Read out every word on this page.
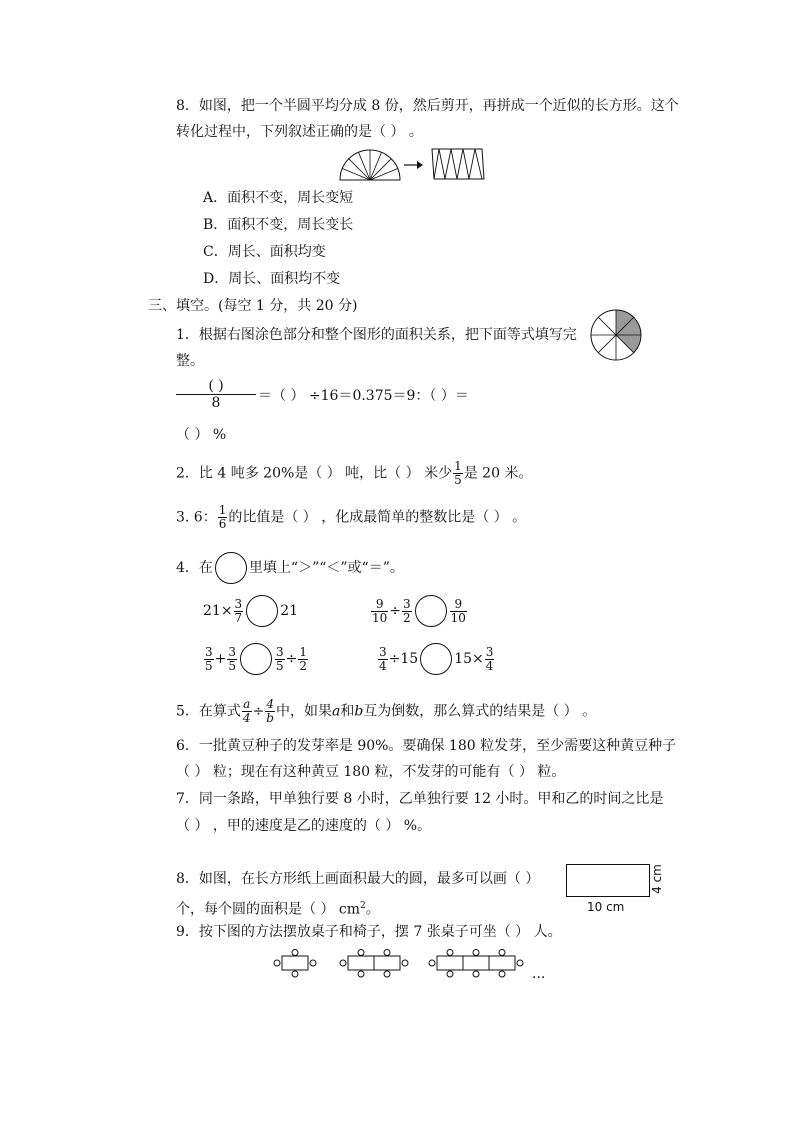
8．如图，把一个半圆平均分成 8 份，然后剪开，再拼成一个近似的长方形。这个
转化过程中，下列叙述正确的是（ ） 。
A．面积不变，周长变短
B．面积不变，周长变长
C．周长、面积均变
D．周长、面积均不变
三、填空。(每空 1 分，共 20 分)
1．根据右图涂色部分和整个图形的面积关系，把下面等式填写完
整。
( )
8	＝（ ） ÷16＝0.375＝9：（ ）＝
（ ） %
2．比 4 吨多 20%是（ ） 吨，比（ ） 米少 $\frac{1}{5}$ 是 20 米。
3. 6： $\frac{1}{6}$ 的比值是（ ） ，化成最简单的整数比是（ ） 。
4．在	里填上“＞”“＜”或“＝”。
$21\times \frac{3}{7}$	21	$\frac{9}{10} \div \frac{3}{2}$	$\frac{9}{10}$
$\frac{3}{5} + \frac{3}{5}$	$\frac{3}{5} \div \frac{1}{2}$	$\frac{3}{4} \div 15$	$15\times \frac{3}{4}$
5．在算式 $\frac{a}{4} \div \frac{4}{b}$ 中，如果a和b互为倒数，那么算式的结果是（ ） 。
6．一批黄豆种子的发芽率是 90%。要确保 180 粒发芽，至少需要这种黄豆种子
（ ） 粒；现在有这种黄豆 180 粒，不发芽的可能有（ ） 粒。
7．同一条路，甲单独行要 8 小时，乙单独行要 12 小时。甲和乙的时间之比是
（ ） ，甲的速度是乙的速度的（ ） %。
8．如图，在长方形纸上画面积最大的圆，最多可以画（ ）
个，每个圆的面积是（ ） $cm^2$。	10 cm
4 cm
9．按下图的方法摆放桌子和椅子，摆 7 张桌子可坐（ ） 人。
...
